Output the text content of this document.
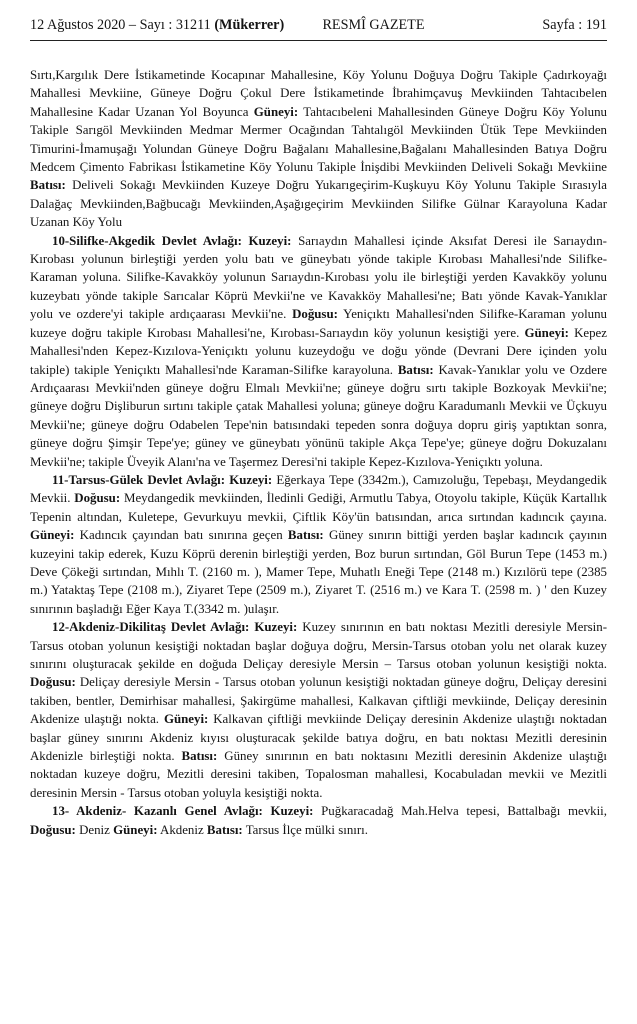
12 Ağustos 2020 – Sayı : 31211 (Mükerrer)	RESMÎ GAZETE	Sayfa : 191

Sırtı,Kargılık Dere İstikametinde Kocapınar Mahallesine, Köy Yolunu Doğuya Doğru Takiple Çadırkoyağı Mahallesi Mevkiine, Güneye Doğru Çokul Dere İstikametinde İbrahimçavuş Mevkiinden Tahtacıbelen Mahallesine Kadar Uzanan Yol Boyunca Güneyi: Tahtacıbeleni Mahallesinden Güneye Doğru Köy Yolunu Takiple Sarıgöl Mevkiinden Medmar Mermer Ocağından Tahtalıgöl Mevkiinden Ütük Tepe Mevkiinden Timurini-İmamuşağı Yolundan Güneye Doğru Bağalanı Mahallesine,Bağalanı Mahallesinden Batıya Doğru Medcem Çimento Fabrikası İstikametine Köy Yolunu Takiple İnişdibi Mevkiinden Deliveli Sokağı Mevkiine Batısı: Deliveli Sokağı Mevkiinden Kuzeye Doğru Yukarıgeçirim-Kuşkuyu Köy Yolunu Takiple Sırasıyla Dalağaç Mevkiinden,Bağbucağı Mevkiinden,Aşağıgeçirim Mevkiinden Silifke Gülnar Karayoluna Kadar Uzanan Köy Yolu

10-Silifke-Akgedik Devlet Avlağı: Kuzeyi: Sarıaydın Mahallesi içinde Aksıfat Deresi ile Sarıaydın-Kırobası yolunun birleştiği yerden yolu batı ve güneybatı yönde takiple Kırobası Mahallesi'nde Silifke-Karaman yoluna. Silifke-Kavakköy yolunun Sarıaydın-Kırobası yolu ile birleştiği yerden Kavakköy yolunu kuzeybatı yönde takiple Sarıcalar Köprü Mevkii'ne ve Kavakköy Mahallesi'ne; Batı yönde Kavak-Yanıklar yolu ve ozdere'yi takiple ardıçaarası Mevkii'ne. Doğusu: Yeniçıktı Mahallesi'nden Silifke-Karaman yolunu kuzeye doğru takiple Kırobası Mahallesi'ne, Kırobası-Sarıaydın köy yolunun kesiştiği yere. Güneyi: Kepez Mahallesi'nden Kepez-Kızılova-Yeniçıktı yolunu kuzeydoğu ve doğu yönde (Devrani Dere içinden yolu takiple) takiple Yeniçıktı Mahallesi'nde Karaman-Silifke karayoluna. Batısı: Kavak-Yanıklar yolu ve Ozdere Ardıçaarası Mevkii'nden güneye doğru Elmalı Mevkii'ne; güneye doğru sırtı takiple Bozkoyak Mevkii'ne; güneye doğru Dişliburun sırtını takiple çatak Mahallesi yoluna; güneye doğru Karadumanlı Mevkii ve Üçkuyu Mevkii'ne; güneye doğru Odabelen Tepe'nin batısındaki tepeden sonra doğuya dopru giriş yaptıktan sonra, güneye doğru Şimşir Tepe'ye; güney ve güneybatı yönünü takiple Akça Tepe'ye; güneye doğru Dokuzalanı Mevkii'ne; takiple Üveyik Alanı'na ve Taşermez Deresi'ni takiple Kepez-Kızılova-Yeniçıktı yoluna.

11-Tarsus-Gülek Devlet Avlağı: Kuzeyi: Eğerkaya Tepe (3342m.), Camızoluğu, Tepebaşı, Meydangedik Mevkii. Doğusu: Meydangedik mevkiinden, İledinli Gediği, Armutlu Tabya, Otoyolu takiple, Küçük Kartallık Tepenin altından, Kuletepe, Gevurkuyu mevkii, Çiftlik Köy'ün batısından, arıca sırtından kadıncık çayına. Güneyi: Kadıncık çayından batı sınırına geçen Batısı: Güney sınırın bittiği yerden başlar kadıncık çayının kuzeyini takip ederek, Kuzu Köprü derenin birleştiği yerden, Boz burun sırtından, Göl Burun Tepe (1453 m.) Deve Çökeği sırtından, Mıhlı T. (2160 m. ), Mamer Tepe, Muhatlı Eneği Tepe (2148 m.) Kızılörü tepe (2385 m.) Yataktaş Tepe (2108 m.), Ziyaret Tepe (2509 m.), Ziyaret T. (2516 m.) ve Kara T. (2598 m. ) ' den Kuzey sınırının başladığı Eğer Kaya T.(3342 m. )ulaşır.

12-Akdeniz-Dikilitaş Devlet Avlağı: Kuzeyi: Kuzey sınırının en batı noktası Mezitli deresiyle Mersin-Tarsus otoban yolunun kesiştiği noktadan başlar doğuya doğru, Mersin-Tarsus otoban yolu net olarak kuzey sınırını oluşturacak şekilde en doğuda Deliçay deresiyle Mersin – Tarsus otoban yolunun kesiştiği nokta. Doğusu: Deliçay deresiyle Mersin - Tarsus otoban yolunun kesiştiği noktadan güneye doğru, Deliçay deresini takiben, bentler, Demirhisar mahallesi, Şakirgüme mahallesi, Kalkavan çiftliği mevkiinde, Deliçay deresinin Akdenize ulaştığı nokta. Güneyi: Kalkavan çiftliği mevkiinde Deliçay deresinin Akdenize ulaştığı noktadan başlar güney sınırını Akdeniz kıyısı oluşturacak şekilde batıya doğru, en batı noktası Mezitli deresinin Akdenizle birleştiği nokta. Batısı: Güney sınırının en batı noktasını Mezitli deresinin Akdenize ulaştığı noktadan kuzeye doğru, Mezitli deresini takiben, Topalosman mahallesi, Kocabuladan mevkii ve Mezitli deresinin Mersin - Tarsus otoban yoluyla kesiştiği nokta.

13- Akdeniz- Kazanlı Genel Avlağı: Kuzeyi: Puğkaracadağ Mah.Helva tepesi, Battalbağı mevkii, Doğusu: Deniz Güneyi: Akdeniz Batısı: Tarsus İlçe mülki sınırı.
